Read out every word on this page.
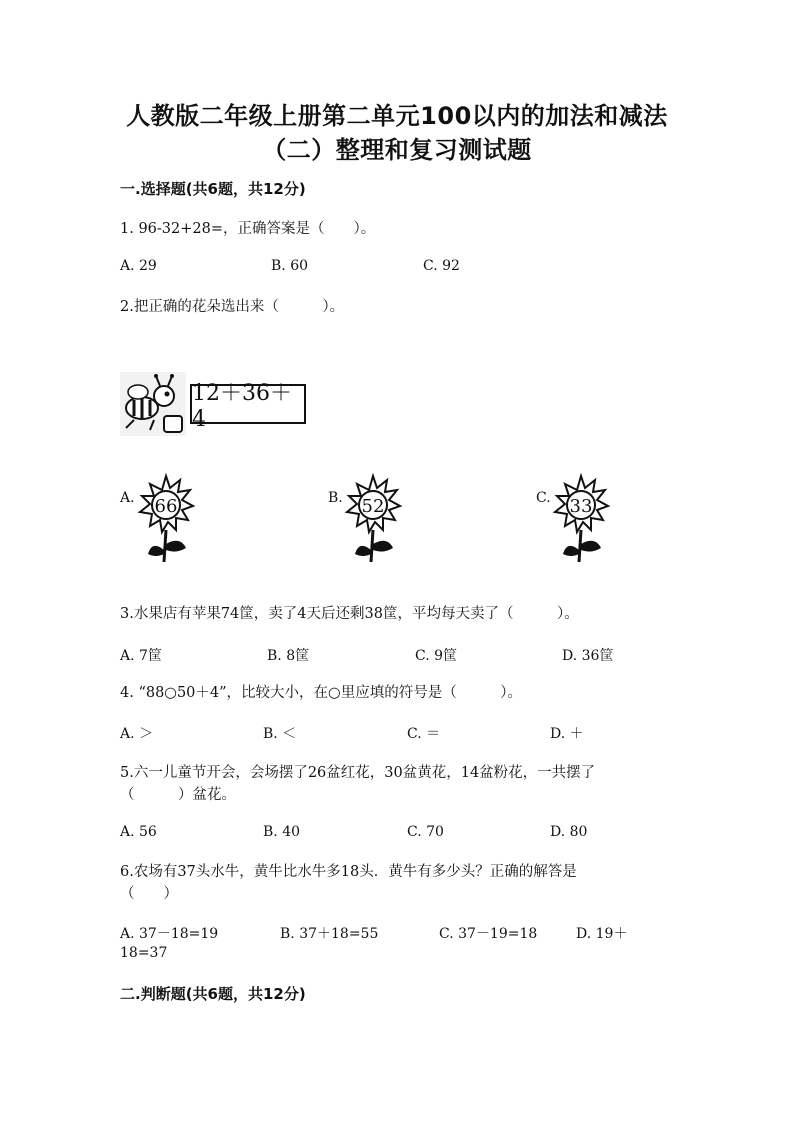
人教版二年级上册第二单元100以内的加法和减法
（二）整理和复习测试题
一.选择题(共6题，共12分)
1. 96-32+28=，正确答案是（　　）。
A. 29	B. 60	C. 92
2.把正确的花朵选出来（　　　）。
12＋36＋4
A. 66	B. 52	C. 33
3.水果店有苹果74筐，卖了4天后还剩38筐，平均每天卖了（　　　）。
A. 7筐	B. 8筐	C. 9筐	D. 36筐
4. “88○50＋4”，比较大小，在○里应填的符号是（　　　）。
A. ＞	B. ＜	C. ＝	D. ＋
5.六一儿童节开会，会场摆了26盆红花，30盆黄花，14盆粉花，一共摆了
（　　　）盆花。
A. 56	B. 40	C. 70	D. 80
6.农场有37头水牛，黄牛比水牛多18头．黄牛有多少头？正确的解答是
（　　）
A. 37－18=19	B. 37＋18=55	C. 37－19=18	D. 19＋
18=37
二.判断题(共6题，共12分)
